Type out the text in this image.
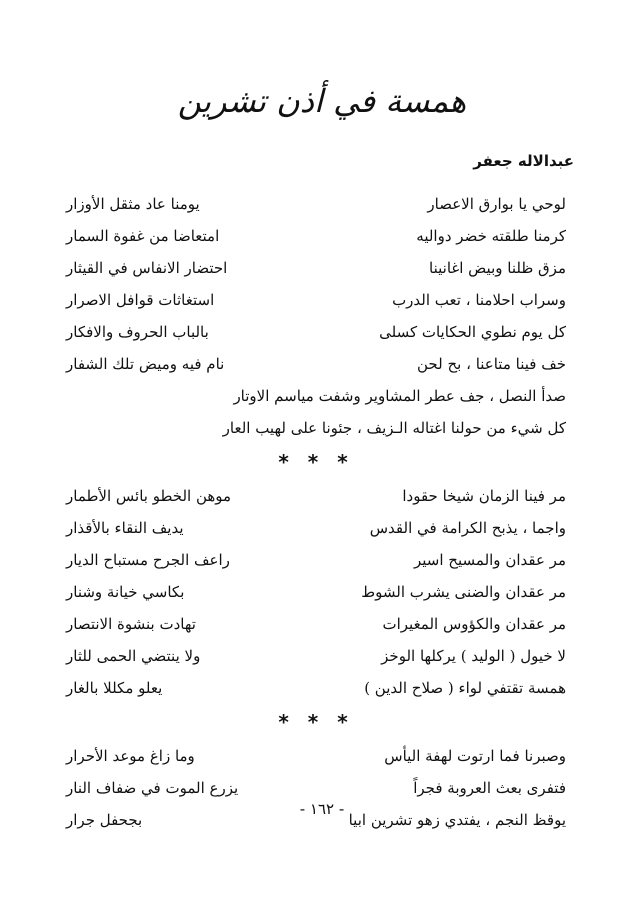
همسة في أذن تشرين
عبدالاله جعفر
لوحي يا بوارق الاعصار
يومنا عاد مثقل الأوزار
كرمنا طلقته خضر دواليه
امتعاضا من غفوة السمار
مزق ظلنا وبيض اغانينا
احتضار الانفاس في القيثار
وسراب احلامنا ، تعب الدرب
استغاثات قوافل الاصرار
كل يوم نطوي الحكايات كسلى
بالباب الحروف والافكار
خف فينا متاعنا ، بح لحن
نام فيه وميض تلك الشفار
صدأ النصل ، جف عطر المشاوير وشفت مياسم الاوتار
كل شيء من حولنا اغتاله الـزيف ، جئونا على لهيب العار
* * *
مر فينا الزمان شيخا حقودا
موهن الخطو بائس الأطمار
واجما ، يذبح الكرامة في القدس
يديف النقاء بالأقذار
مر عقدان والمسيح اسير
راعف الجرح مستباح الديار
مر عقدان والضنى يشرب الشوط
بكاسي خيانة وشنار
مر عقدان والكؤوس المغيرات
تهادت بنشوة الانتصار
لا خيول ( الوليد ) يركلها الوخز
ولا ينتضي الحمى للثار
همسة تقتفي لواء ( صلاح الدين )
يعلو مكللا بالغار
* * *
وصبرنا فما ارتوت لهفة اليأس
وما زاغ موعد الأحرار
فتفرى بعث العروبة فجراً
يزرع الموت في ضفاف النار
يوقظ النجم ، يفتدي زهو تشرين ابيا
بجحفل جرار
- ١٦٢ -
